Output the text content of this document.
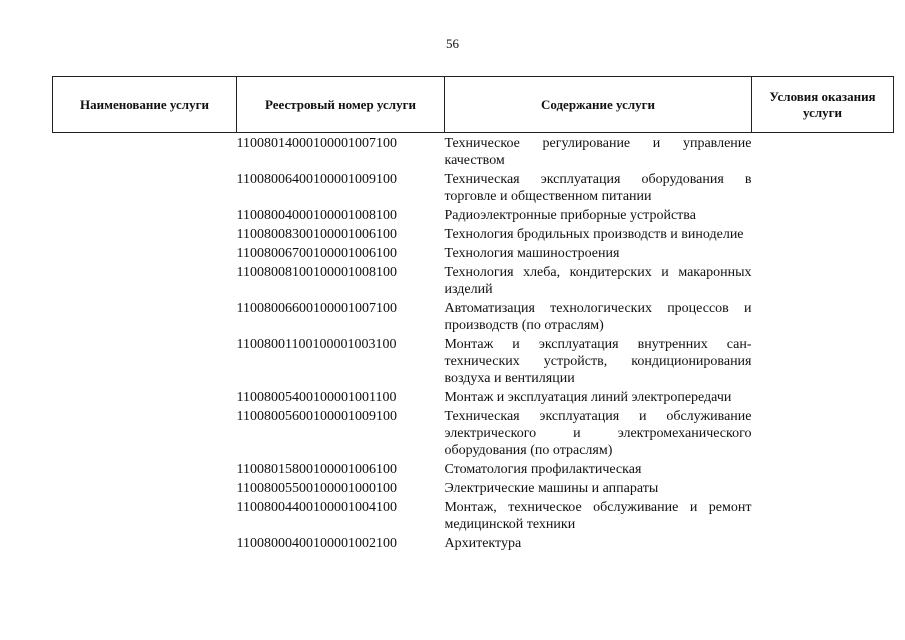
56
Наименование услуги	Реестровый номер услуги	Содержание услуги	Условия оказания услуги
	110080140001000010071​00	Техническое регулирование и управление качеством	
	110080064001000010091​00	Техническая эксплуатация оборудования в торговле и общественном питании	
	110080040001000010081​00	Радиоэлектронные приборные устройства	
	110080083001000010061​00	Технология бродильных производств и виноделие	
	110080067001000010061​00	Технология машиностроения	
	110080081001000010081​00	Технология хлеба, кондитерских и макаронных изделий	
	110080066001000010071​00	Автоматизация технологических процессов и производств (по отраслям)	
	110080011001000010031​00	Монтаж и эксплуатация внутренних сантехнических устройств, кондиционирования воздуха и вентиляции	
	110080054001000010011​00	Монтаж и эксплуатация линий электропередачи	
	110080056001000010091​00	Техническая эксплуатация и обслуживание электрического и электромеханического оборудования (по отраслям)	
	110080158001000010061​00	Стоматология профилактическая	
	110080055001000010001​00	Электрические машины и аппараты	
	110080044001000010041​00	Монтаж, техническое обслуживание и ремонт медицинской техники	
	110080004001000010021​00	Архитектура	
